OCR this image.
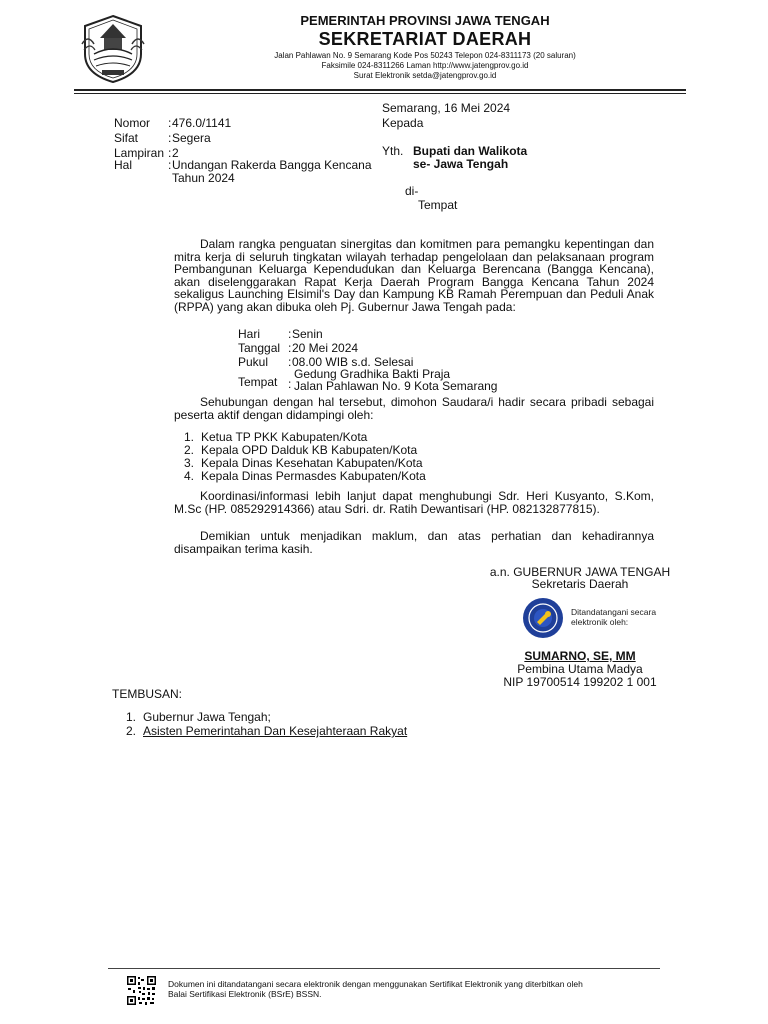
PEMERINTAH PROVINSI JAWA TENGAH
SEKRETARIAT DAERAH
Jalan Pahlawan No. 9 Semarang Kode Pos 50243 Telepon 024-8311173 (20 saluran)
Faksimile 024-8311266 Laman http://www.jatengprov.go.id
Surat Elektronik setda@jatengprov.go.id
Semarang, 16 Mei 2024
Kepada
Yth. Bupati dan Walikota
se- Jawa Tengah
di-
Tempat
Nomor	: 476.0/1141
Sifat	: Segera
Lampiran : 2
Hal	: Undangan Rakerda Bangga Kencana
Tahun 2024
Dalam rangka penguatan sinergitas dan komitmen para pemangku kepentingan dan
mitra kerja di seluruh tingkatan wilayah terhadap pengelolaan dan pelaksanaan program
Pembangunan Keluarga Kependudukan dan Keluarga Berencana (Bangga Kencana),
akan diselenggarakan Rapat Kerja Daerah Program Bangga Kencana Tahun 2024
sekaligus Launching Elsimil's Day dan Kampung KB Ramah Perempuan dan Peduli Anak
(RPPA) yang akan dibuka oleh Pj. Gubernur Jawa Tengah pada:
Hari	: Senin
Tanggal : 20 Mei 2024
Pukul	: 08.00 WIB s.d. Selesai
Tempat :
Gedung Gradhika Bakti Praja
Jalan Pahlawan No. 9 Kota Semarang
Sehubungan dengan hal tersebut, dimohon Saudara/i hadir secara pribadi sebagai
peserta aktif dengan didampingi oleh:
1. Ketua TP PKK Kabupaten/Kota
2. Kepala OPD Dalduk KB Kabupaten/Kota
3. Kepala Dinas Kesehatan Kabupaten/Kota
4. Kepala Dinas Permasdes Kabupaten/Kota
Koordinasi/informasi lebih lanjut dapat menghubungi Sdr. Heri Kusyanto, S.Kom,
M.Sc (HP. 085292914366) atau Sdri. dr. Ratih Dewantisari (HP. 082132877815).
Demikian untuk menjadikan maklum, dan atas perhatian dan kehadirannya
disampaikan terima kasih.
a.n. GUBERNUR JAWA TENGAH
Sekretaris Daerah
Ditandatangani secara
elektronik oleh:
SUMARNO, SE, MM
Pembina Utama Madya
NIP 19700514 199202 1 001
TEMBUSAN:
1. Gubernur Jawa Tengah;
2. Asisten Pemerintahan Dan Kesejahteraan Rakyat
Dokumen ini ditandatangani secara elektronik dengan menggunakan Sertifikat Elektronik yang diterbitkan oleh
Balai Sertifikasi Elektronik (BSrE) BSSN.
